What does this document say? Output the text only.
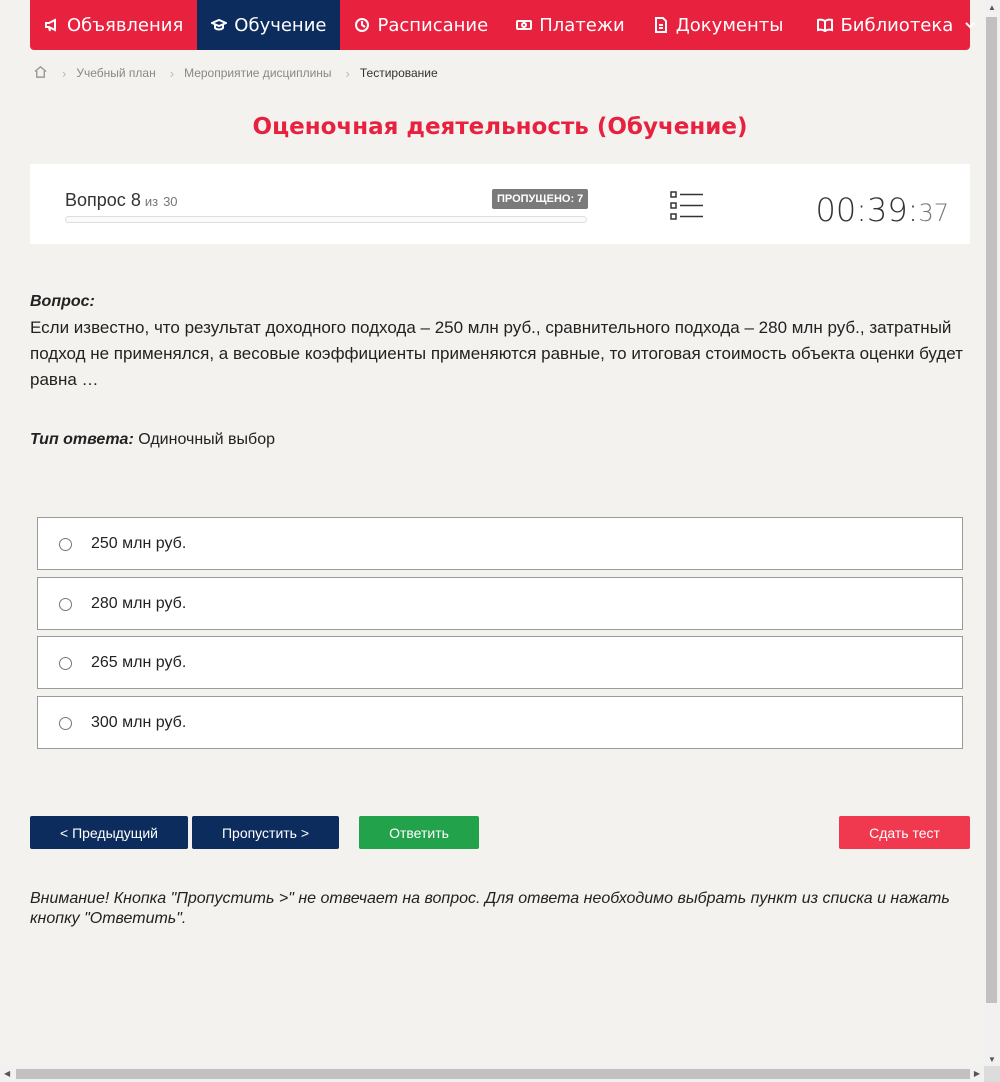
Объявления	Обучение	Расписание	Платежи	Документы	Библиотека
› Учебный план › Мероприятие дисциплины › Тестирование
Оценочная деятельность (Обучение)
Вопрос 8 из 30	ПРОПУЩЕНО: 7	00:39:37
Вопрос:
Если известно, что результат доходного подхода – 250 млн руб., сравнительного подхода – 280 млн руб., затратный подход не применялся, а весовые коэффициенты применяются равные, то итоговая стоимость объекта оценки будет равна …
Тип ответа: Одиночный выбор
250 млн руб.
280 млн руб.
265 млн руб.
300 млн руб.
< Предыдущий	Пропустить >	Ответить	Сдать тест
Внимание! Кнопка "Пропустить >" не отвечает на вопрос. Для ответа необходимо выбрать пункт из списка и нажать кнопку "Ответить".
▲
▼
◀	▶
